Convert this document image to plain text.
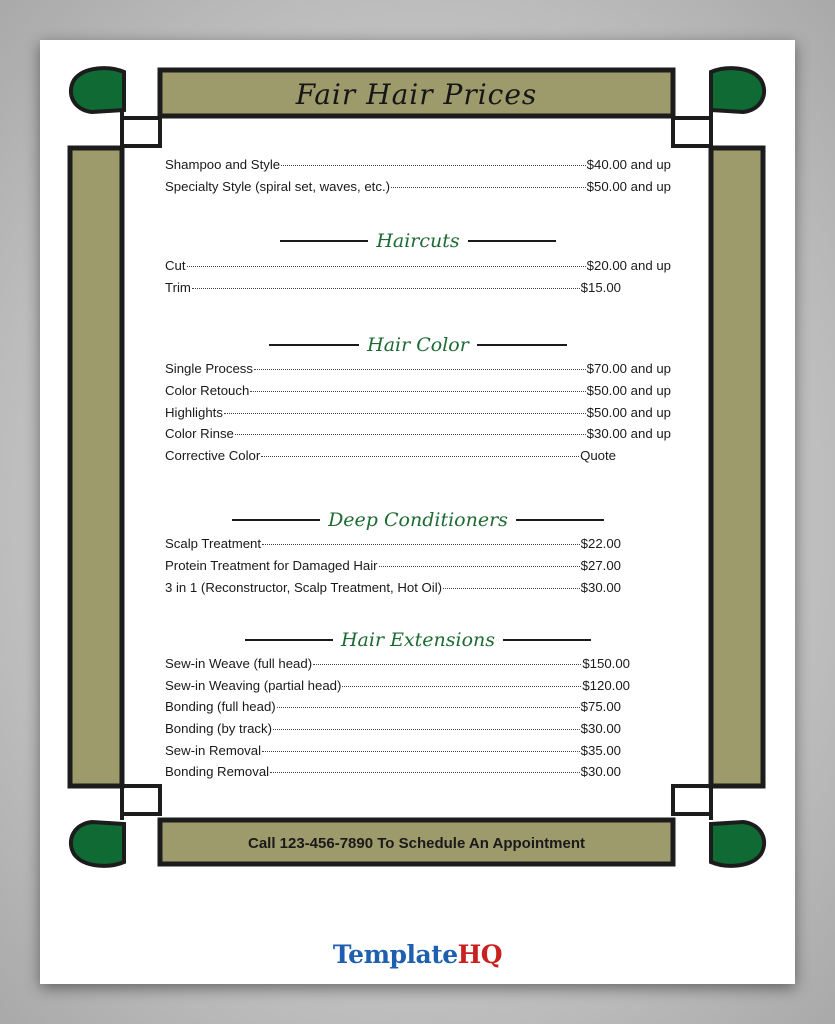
Fair Hair Prices
Shampoo and Style	$40.00 and up
Specialty Style (spiral set, waves, etc.)	$50.00 and up
Haircuts
Cut	$20.00 and up
Trim	$15.00
Hair Color
Single Process	$70.00 and up
Color Retouch	$50.00 and up
Highlights	$50.00 and up
Color Rinse	$30.00 and up
Corrective Color	Quote
Deep Conditioners
Scalp Treatment	$22.00
Protein Treatment for Damaged Hair	$27.00
3 in 1 (Reconstructor, Scalp Treatment, Hot Oil)	$30.00
Hair Extensions
Sew-in Weave (full head)	$150.00
Sew-in Weaving (partial head)	$120.00
Bonding (full head)	$75.00
Bonding (by track)	$30.00
Sew-in Removal	$35.00
Bonding Removal	$30.00
Call 123-456-7890 To Schedule An Appointment
TemplateHQ
